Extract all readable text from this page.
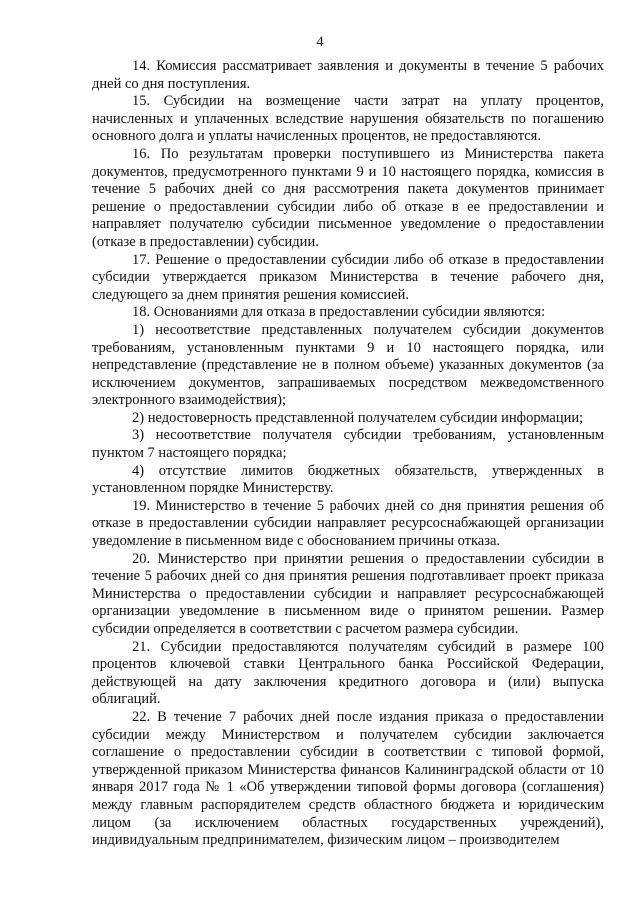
4

14. Комиссия рассматривает заявления и документы в течение 5 рабочих дней со дня поступления.

15. Субсидии на возмещение части затрат на уплату процентов, начисленных и уплаченных вследствие нарушения обязательств по погашению основного долга и уплаты начисленных процентов, не предоставляются.

16. По результатам проверки поступившего из Министерства пакета документов, предусмотренного пунктами 9 и 10 настоящего порядка, комиссия в течение 5 рабочих дней со дня рассмотрения пакета документов принимает решение о предоставлении субсидии либо об отказе в ее предоставлении и направляет получателю субсидии письменное уведомление о предоставлении (отказе в предоставлении) субсидии.

17. Решение о предоставлении субсидии либо об отказе в предоставлении субсидии утверждается приказом Министерства в течение рабочего дня, следующего за днем принятия решения комиссией.

18. Основаниями для отказа в предоставлении субсидии являются:

1) несоответствие представленных получателем субсидии документов требованиям, установленным пунктами 9 и 10 настоящего порядка, или непредставление (представление не в полном объеме) указанных документов (за исключением документов, запрашиваемых посредством межведомственного электронного взаимодействия);

2) недостоверность представленной получателем субсидии информации;

3) несоответствие получателя субсидии требованиям, установленным пунктом 7 настоящего порядка;

4) отсутствие лимитов бюджетных обязательств, утвержденных в установленном порядке Министерству.

19. Министерство в течение 5 рабочих дней со дня принятия решения об отказе в предоставлении субсидии направляет ресурсоснабжающей организации уведомление в письменном виде с обоснованием причины отказа.

20. Министерство при принятии решения о предоставлении субсидии в течение 5 рабочих дней со дня принятия решения подготавливает проект приказа Министерства о предоставлении субсидии и направляет ресурсоснабжающей организации уведомление в письменном виде о принятом решении. Размер субсидии определяется в соответствии с расчетом размера субсидии.

21. Субсидии предоставляются получателям субсидий в размере 100 процентов ключевой ставки Центрального банка Российской Федерации, действующей на дату заключения кредитного договора и (или) выпуска облигаций.

22. В течение 7 рабочих дней после издания приказа о предоставлении субсидии между Министерством и получателем субсидии заключается соглашение о предоставлении субсидии в соответствии с типовой формой, утвержденной приказом Министерства финансов Калининградской области от 10 января 2017 года № 1 «Об утверждении типовой формы договора (соглашения) между главным распорядителем средств областного бюджета и юридическим лицом (за исключением областных государственных учреждений), индивидуальным предпринимателем, физическим лицом – производителем
